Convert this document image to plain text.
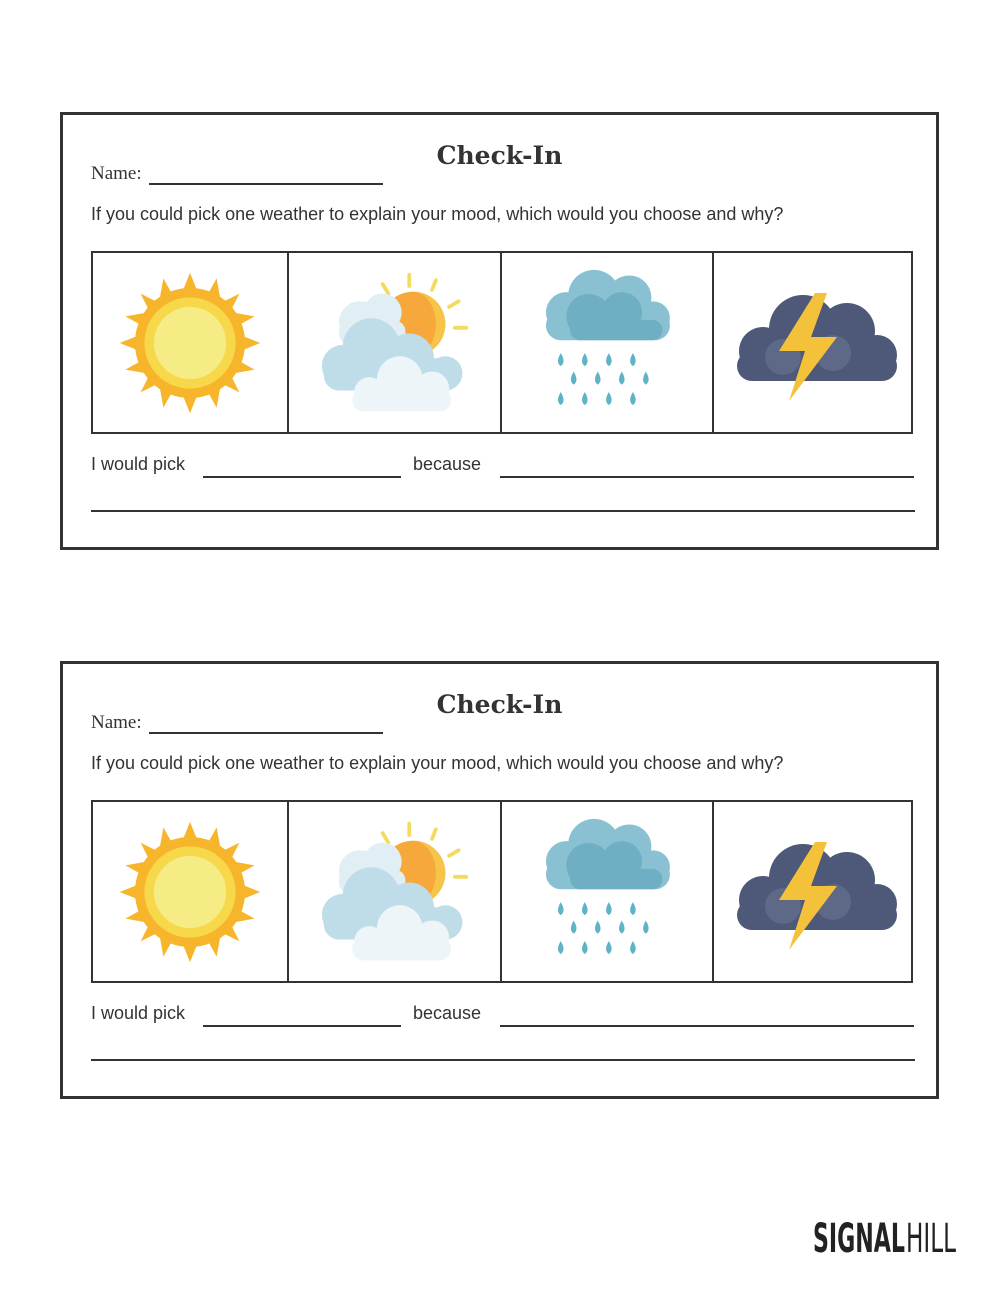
Check-In
Name:
If you could pick one weather to explain your mood, which would you choose and why?
I would pick	because
Check-In
Name:
If you could pick one weather to explain your mood, which would you choose and why?
I would pick	because
SIGNAL HILL
